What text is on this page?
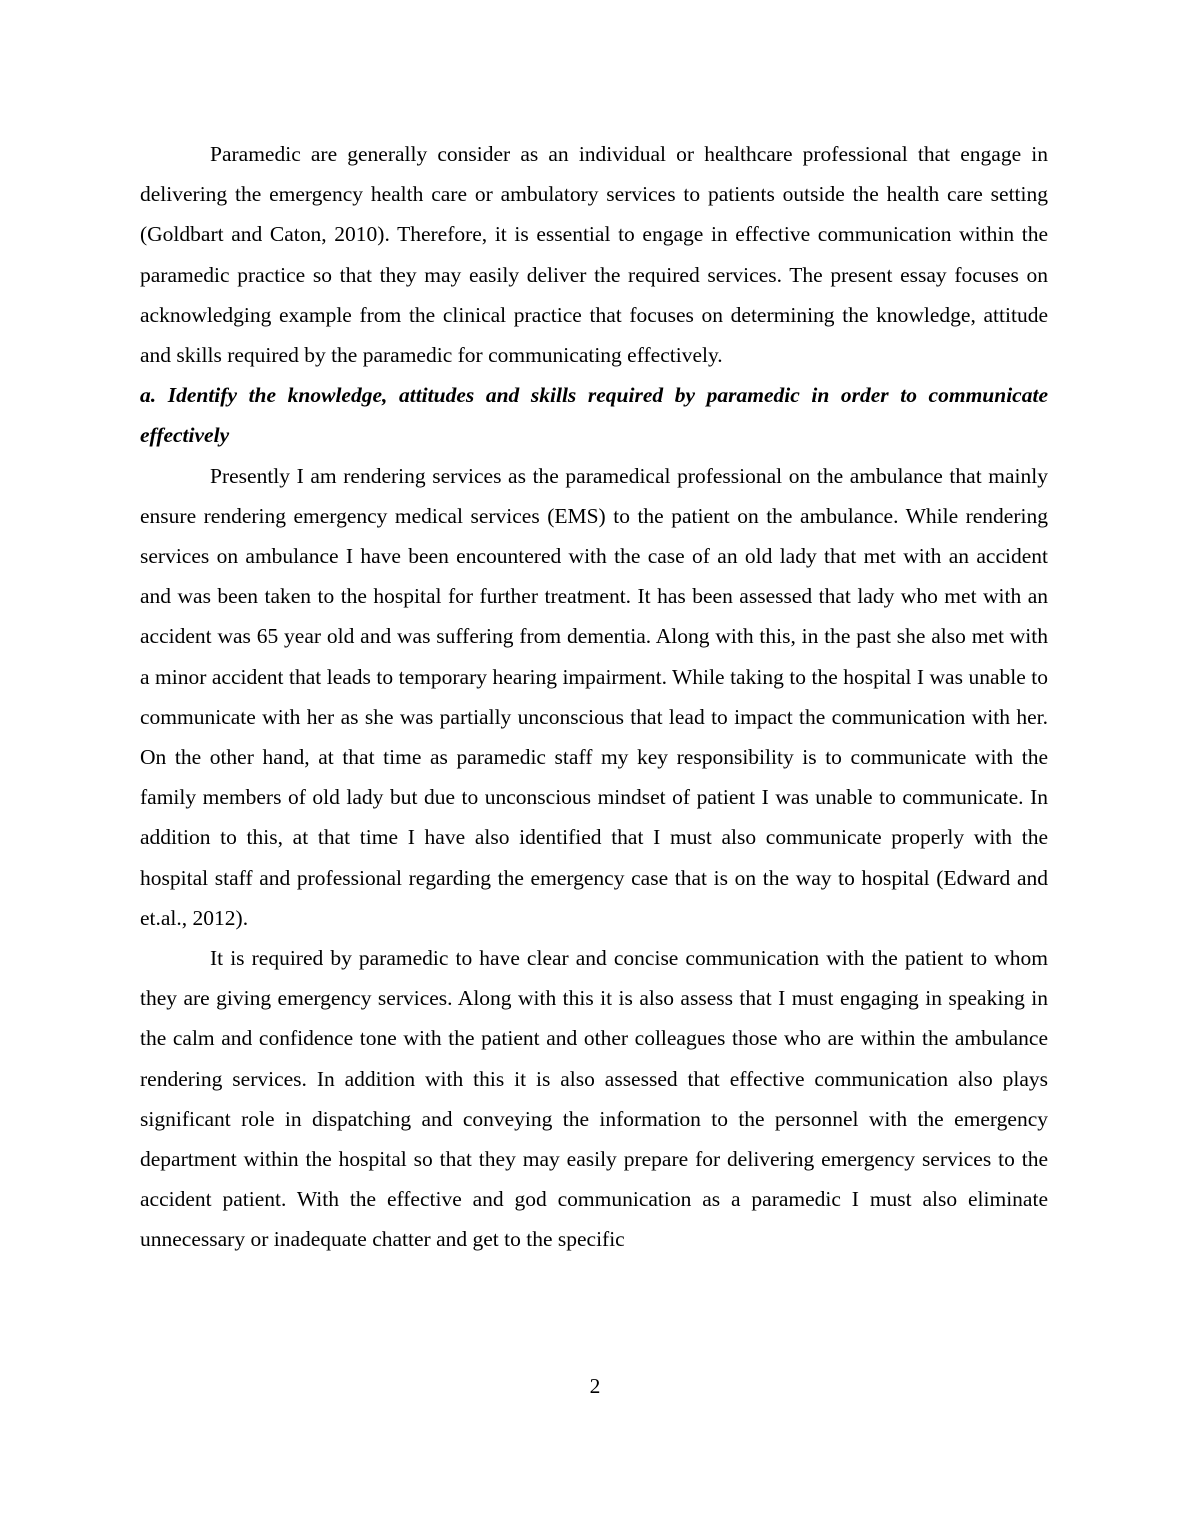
Paramedic are generally consider as an individual or healthcare professional that engage in delivering the emergency health care or ambulatory services to patients outside the health care setting (Goldbart and Caton, 2010). Therefore, it is essential to engage in effective communication within the paramedic practice so that they may easily deliver the required services. The present essay focuses on acknowledging example from the clinical practice that focuses on determining the knowledge, attitude and skills required by the paramedic for communicating effectively.

a. Identify the knowledge, attitudes and skills required by paramedic in order to communicate effectively

Presently I am rendering services as the paramedical professional on the ambulance that mainly ensure rendering emergency medical services (EMS) to the patient on the ambulance. While rendering services on ambulance I have been encountered with the case of an old lady that met with an accident and was been taken to the hospital for further treatment. It has been assessed that lady who met with an accident was 65 year old and was suffering from dementia. Along with this, in the past she also met with a minor accident that leads to temporary hearing impairment. While taking to the hospital I was unable to communicate with her as she was partially unconscious that lead to impact the communication with her. On the other hand, at that time as paramedic staff my key responsibility is to communicate with the family members of old lady but due to unconscious mindset of patient I was unable to communicate. In addition to this, at that time I have also identified that I must also communicate properly with the hospital staff and professional regarding the emergency case that is on the way to hospital (Edward and et.al., 2012).

It is required by paramedic to have clear and concise communication with the patient to whom they are giving emergency services. Along with this it is also assess that I must engaging in speaking in the calm and confidence tone with the patient and other colleagues those who are within the ambulance rendering services. In addition with this it is also assessed that effective communication also plays significant role in dispatching and conveying the information to the personnel with the emergency department within the hospital so that they may easily prepare for delivering emergency services to the accident patient. With the effective and god communication as a paramedic I must also eliminate unnecessary or inadequate chatter and get to the specific

2
